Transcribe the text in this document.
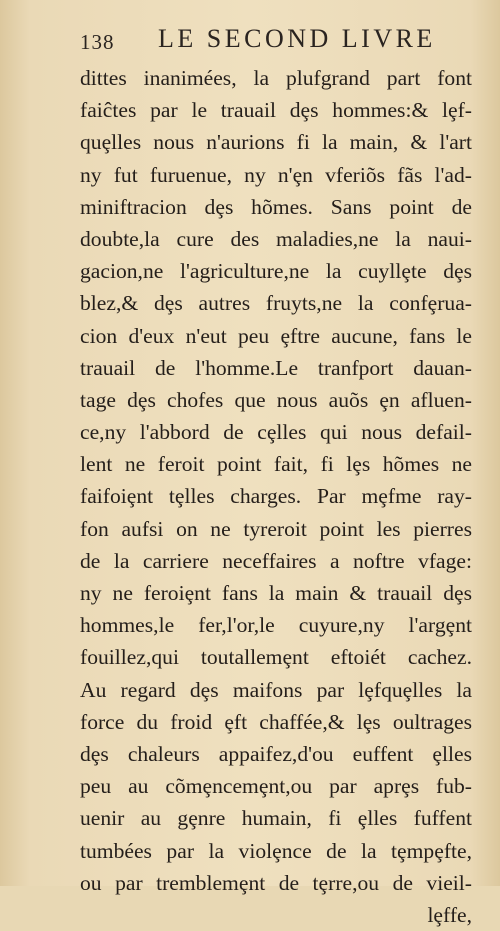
138 LE SECOND LIVRE
dittes inanimées, la plufgrand part font
faiĉtes par le trauail dȩs hommes:& lȩf-
quȩlles nous n'aurions fi la main, & l'art
ny fut furuenue, ny n'ȩn vferiõs fãs l'ad-
miniftracion dȩs hõmes. Sans point de
doubte,la cure des maladies,ne la naui-
gacion,ne l'agriculture,ne la cuyllȩte dȩs
blez,& dȩs autres fruyts,ne la confȩrua-
cion d'eux n'eut peu ȩftre aucune, fans le
trauail de l'homme.Le tranfport dauan-
tage dȩs chofes que nous auõs ȩn afluen-
ce,ny l'abbord de cȩlles qui nous defail-
lent ne feroit point fait, fi lȩs hõmes ne
faifoiȩnt tȩlles charges. Par mȩfme ray-
fon aufsi on ne tyreroit point les pierres
de la carriere neceffaires a noftre vfage:
ny ne feroiȩnt fans la main & trauail dȩs
hommes,le fer,l'or,le cuyure,ny l'argȩnt
fouillez,qui toutallemȩnt eftoiét cachez.
Au regard dȩs maifons par lȩfquȩlles la
force du froid ȩft chaffée,& lȩs oultrages
dȩs chaleurs appaifez,d'ou euffent ȩlles
peu au cõmȩncemȩnt,ou par aprȩs fub-
uenir au gȩnre humain, fi ȩlles fuffent
tumbées par la violȩnce de la tȩmpȩfte,
ou par tremblemȩnt de tȩrre,ou de vieil-
lȩffe,
